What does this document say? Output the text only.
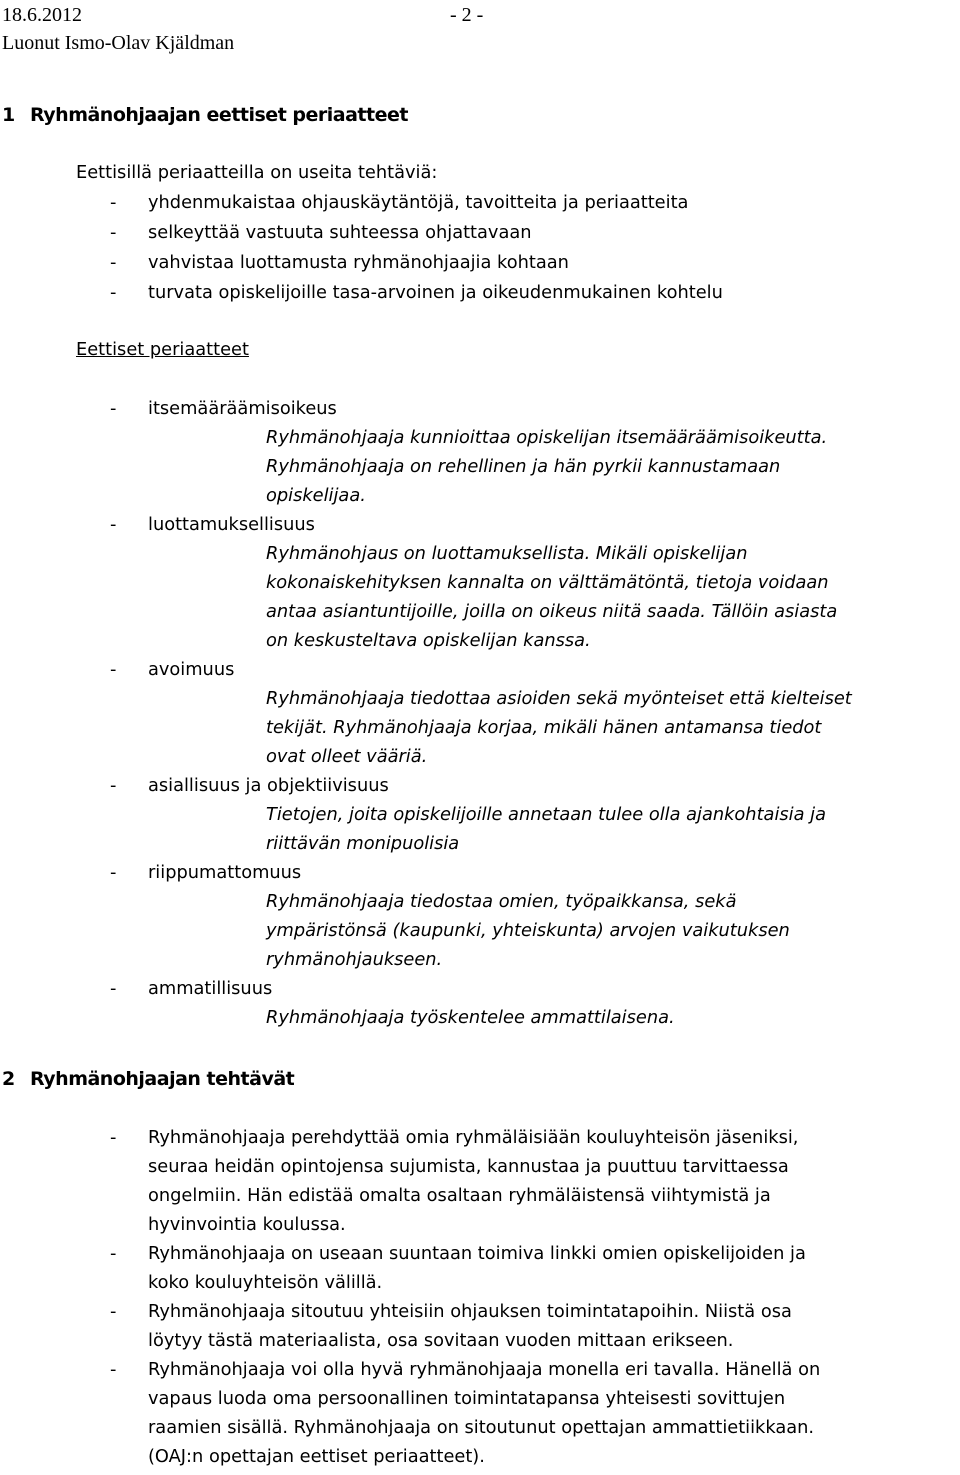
18.6.2012	- 2 -
Luonut Ismo-Olav Kjäldman
1 Ryhmänohjaajan eettiset periaatteet
Eettisillä periaatteilla on useita tehtäviä:
- yhdenmukaistaa ohjauskäytäntöjä, tavoitteita ja periaatteita
- selkeyttää vastuuta suhteessa ohjattavaan
- vahvistaa luottamusta ryhmänohjaajia kohtaan
- turvata opiskelijoille tasa-arvoinen ja oikeudenmukainen kohtelu
Eettiset periaatteet
- itsemääräämisoikeus
Ryhmänohjaaja kunnioittaa opiskelijan itsemääräämisoikeutta.
Ryhmänohjaaja on rehellinen ja hän pyrkii kannustamaan
opiskelijaa.
- luottamuksellisuus
Ryhmänohjaus on luottamuksellista. Mikäli opiskelijan
kokonaiskehityksen kannalta on välttämätöntä, tietoja voidaan
antaa asiantuntijoille, joilla on oikeus niitä saada. Tällöin asiasta
on keskusteltava opiskelijan kanssa.
- avoimuus
Ryhmänohjaaja tiedottaa asioiden sekä myönteiset että kielteiset
tekijät. Ryhmänohjaaja korjaa, mikäli hänen antamansa tiedot
ovat olleet vääriä.
- asiallisuus ja objektiivisuus
Tietojen, joita opiskelijoille annetaan tulee olla ajankohtaisia ja
riittävän monipuolisia
- riippumattomuus
Ryhmänohjaaja tiedostaa omien, työpaikkansa, sekä
ympäristönsä (kaupunki, yhteiskunta) arvojen vaikutuksen
ryhmänohjaukseen.
- ammatillisuus
Ryhmänohjaaja työskentelee ammattilaisena.
2 Ryhmänohjaajan tehtävät
- Ryhmänohjaaja perehdyttää omia ryhmäläisiään kouluyhteisön jäseniksi,
seuraa heidän opintojensa sujumista, kannustaa ja puuttuu tarvittaessa
ongelmiin. Hän edistää omalta osaltaan ryhmäläistensä viihtymistä ja
hyvinvointia koulussa.
- Ryhmänohjaaja on useaan suuntaan toimiva linkki omien opiskelijoiden ja
koko kouluyhteisön välillä.
- Ryhmänohjaaja sitoutuu yhteisiin ohjauksen toimintatapoihin. Niistä osa
löytyy tästä materiaalista, osa sovitaan vuoden mittaan erikseen.
- Ryhmänohjaaja voi olla hyvä ryhmänohjaaja monella eri tavalla. Hänellä on
vapaus luoda oma persoonallinen toimintatapansa yhteisesti sovittujen
raamien sisällä. Ryhmänohjaaja on sitoutunut opettajan ammattietiikkaan.
(OAJ:n opettajan eettiset periaatteet).
